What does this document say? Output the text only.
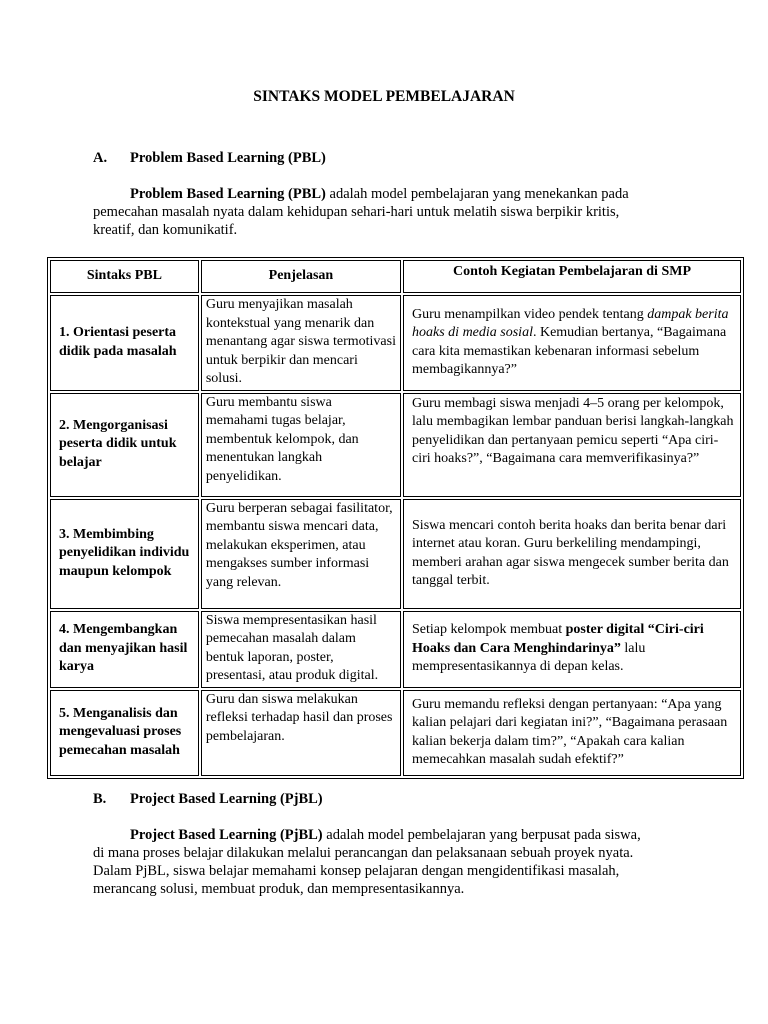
SINTAKS MODEL PEMBELAJARAN
A. Problem Based Learning (PBL)
Problem Based Learning (PBL) adalah model pembelajaran yang menekankan pada
pemecahan masalah nyata dalam kehidupan sehari-hari untuk melatih siswa berpikir kritis,
kreatif, dan komunikatif.
Sintaks PBL	Penjelasan	Contoh Kegiatan Pembelajaran di SMP
1. Orientasi peserta didik pada masalah	Guru menyajikan masalah kontekstual yang menarik dan menantang agar siswa termotivasi untuk berpikir dan mencari solusi.	Guru menampilkan video pendek tentang dampak berita hoaks di media sosial. Kemudian bertanya, “Bagaimana cara kita memastikan kebenaran informasi sebelum membagikannya?”
2. Mengorganisasi peserta didik untuk belajar	Guru membantu siswa memahami tugas belajar, membentuk kelompok, dan menentukan langkah penyelidikan.	Guru membagi siswa menjadi 4–5 orang per kelompok, lalu membagikan lembar panduan berisi langkah-langkah penyelidikan dan pertanyaan pemicu seperti “Apa ciri-ciri hoaks?”, “Bagaimana cara memverifikasinya?”
3. Membimbing penyelidikan individu maupun kelompok	Guru berperan sebagai fasilitator, membantu siswa mencari data, melakukan eksperimen, atau mengakses sumber informasi yang relevan.	Siswa mencari contoh berita hoaks dan berita benar dari internet atau koran. Guru berkeliling mendampingi, memberi arahan agar siswa mengecek sumber berita dan tanggal terbit.
4. Mengembangkan dan menyajikan hasil karya	Siswa mempresentasikan hasil pemecahan masalah dalam bentuk laporan, poster, presentasi, atau produk digital.	Setiap kelompok membuat poster digital “Ciri-ciri Hoaks dan Cara Menghindarinya” lalu mempresentasikannya di depan kelas.
5. Menganalisis dan mengevaluasi proses pemecahan masalah	Guru dan siswa melakukan refleksi terhadap hasil dan proses pembelajaran.	Guru memandu refleksi dengan pertanyaan: “Apa yang kalian pelajari dari kegiatan ini?”, “Bagaimana perasaan kalian bekerja dalam tim?”, “Apakah cara kalian memecahkan masalah sudah efektif?”
B. Project Based Learning (PjBL)
Project Based Learning (PjBL) adalah model pembelajaran yang berpusat pada siswa,
di mana proses belajar dilakukan melalui perancangan dan pelaksanaan sebuah proyek nyata.
Dalam PjBL, siswa belajar memahami konsep pelajaran dengan mengidentifikasi masalah,
merancang solusi, membuat produk, dan mempresentasikannya.
